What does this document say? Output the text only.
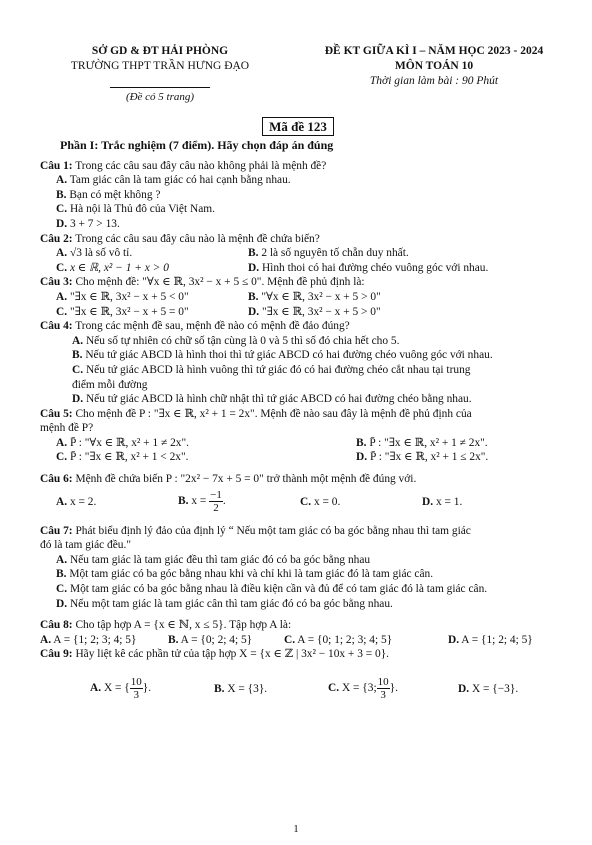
SỞ GD & ĐT HẢI PHÒNG
TRƯỜNG THPT TRẦN HƯNG ĐẠO
(Đề có 5 trang)
ĐỀ KT GIỮA KÌ I – NĂM HỌC 2023 - 2024
MÔN TOÁN 10
Thời gian làm bài : 90 Phút
Mã đề 123
Phần I: Trắc nghiệm (7 điểm). Hãy chọn đáp án đúng
Câu 1: Trong các câu sau đây câu nào không phải là mệnh đề?
A. Tam giác cân là tam giác có hai cạnh bằng nhau.
B. Bạn có mệt không ?
C. Hà nội là Thủ đô của Việt Nam.
D. 3 + 7 > 13.
Câu 2: Trong các câu sau đây câu nào là mệnh đề chứa biến?
A. √3 là số vô tỉ.	B. 2 là số nguyên tố chẵn duy nhất.
C. x ∈ ℝ, x² − 1 + x > 0	D. Hình thoi có hai đường chéo vuông góc với nhau.
Câu 3: Cho mệnh đề: "∀x ∈ ℝ, 3x² − x + 5 ≤ 0". Mệnh đề phủ định là:
A. "∃x ∈ ℝ, 3x² − x + 5 < 0"	B. "∀x ∈ ℝ, 3x² − x + 5 > 0"
C. "∃x ∈ ℝ, 3x² − x + 5 = 0"	D. "∃x ∈ ℝ, 3x² − x + 5 > 0"
Câu 4: Trong các mệnh đề sau, mệnh đề nào có mệnh đề đảo đúng?
A. Nếu số tự nhiên có chữ số tận cùng là 0 và 5 thì số đó chia hết cho 5.
B. Nếu tứ giác ABCD là hình thoi thì tứ giác ABCD có hai đường chéo vuông góc với nhau.
C. Nếu tứ giác ABCD là hình vuông thì tứ giác đó có hai đường chéo cắt nhau tại trung
điểm mỗi đường
D. Nếu tứ giác ABCD là hình chữ nhật thì tứ giác ABCD có hai đường chéo bằng nhau.
Câu 5: Cho mệnh đề P : "∃x ∈ ℝ, x² + 1 = 2x". Mệnh đề nào sau đây là mệnh đề phủ định của
mệnh đề P?
A. P̄ : "∀x ∈ ℝ, x² + 1 ≠ 2x".	B. P̄ : "∃x ∈ ℝ, x² + 1 ≠ 2x".
C. P̄ : "∃x ∈ ℝ, x² + 1 < 2x".	D. P̄ : "∃x ∈ ℝ, x² + 1 ≤ 2x".
Câu 6: Mệnh đề chứa biến P : "2x² − 7x + 5 = 0" trở thành một mệnh đề đúng với.
A. x = 2.	B. $x = \frac{-1}{2}$ .	C. x = 0.	D. x = 1.
Câu 7: Phát biểu định lý đảo của định lý “ Nếu một tam giác có ba góc bằng nhau thì tam giác
đó là tam giác đều."
A. Nếu tam giác là tam giác đều thì tam giác đó có ba góc bằng nhau
B. Một tam giác có ba góc bằng nhau khi và chỉ khi là tam giác đó là tam giác cân.
C. Một tam giác có ba góc bằng nhau là điều kiện cần và đủ để có tam giác đó là tam giác cân.
D. Nếu một tam giác là tam giác cân thì tam giác đó có ba góc bằng nhau.
Câu 8: Cho tập hợp A = {x ∈ ℕ, x ≤ 5}. Tập hợp A là:
A. A = {1; 2; 3; 4; 5}	B. A = {0; 2; 4; 5}	C. A = {0; 1; 2; 3; 4; 5}	D. A = {1; 2; 4; 5}
Câu 9: Hãy liệt kê các phần tử của tập hợp X = {x ∈ ℤ | 3x² − 10x + 3 = 0}.
A. X = { $\frac{10}{3}$ }.	B. X = {3}.	C. X = {3; $\frac{10}{3}$ }.	D. X = {−3}.
1
